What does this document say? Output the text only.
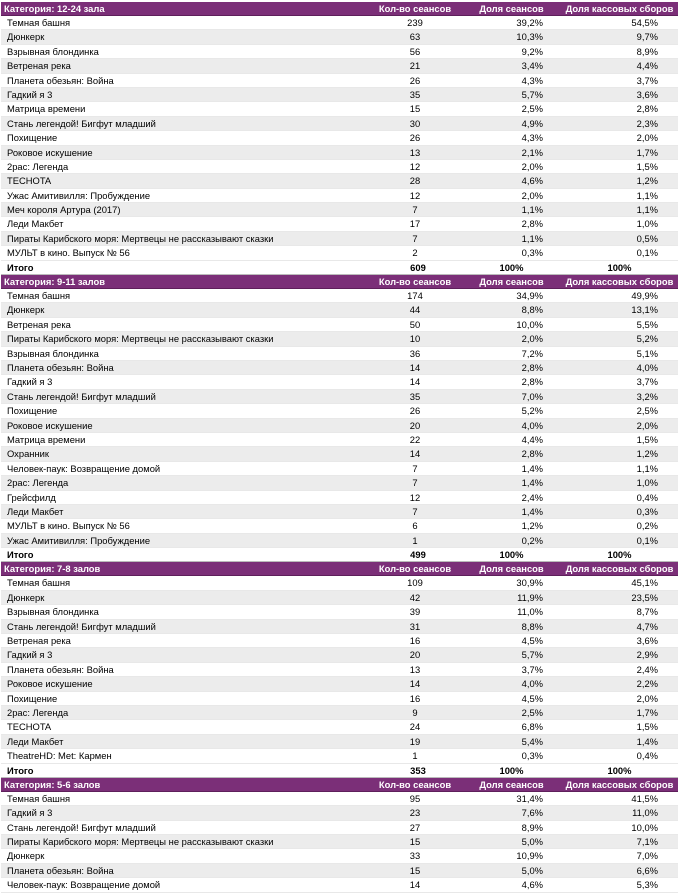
Категория: 12-24 зала	Кол-во сеансов	Доля сеансов	Доля кассовых сборов
Темная башня	239	39,2%	54,5%
Дюнкерк	63	10,3%	9,7%
Взрывная блондинка	56	9,2%	8,9%
Ветреная река	21	3,4%	4,4%
Планета обезьян: Война	26	4,3%	3,7%
Гадкий я 3	35	5,7%	3,6%
Матрица времени	15	2,5%	2,8%
Стань легендой! Бигфут младший	30	4,9%	2,3%
Похищение	26	4,3%	2,0%
Роковое искушение	13	2,1%	1,7%
2рас: Легенда	12	2,0%	1,5%
TECHOTA	28	4,6%	1,2%
Ужас Амитивилля: Пробуждение	12	2,0%	1,1%
Меч короля Артура (2017)	7	1,1%	1,1%
Леди Макбет	17	2,8%	1,0%
Пираты Карибского моря: Мертвецы не рассказывают сказки	7	1,1%	0,5%
МУЛЬТ в кино. Выпуск № 56	2	0,3%	0,1%
Итого	609	100%	100%
Категория: 9-11 залов	Кол-во сеансов	Доля сеансов	Доля кассовых сборов
Темная башня	174	34,9%	49,9%
Дюнкерк	44	8,8%	13,1%
Ветреная река	50	10,0%	5,5%
Пираты Карибского моря: Мертвецы не рассказывают сказки	10	2,0%	5,2%
Взрывная блондинка	36	7,2%	5,1%
Планета обезьян: Война	14	2,8%	4,0%
Гадкий я 3	14	2,8%	3,7%
Стань легендой! Бигфут младший	35	7,0%	3,2%
Похищение	26	5,2%	2,5%
Роковое искушение	20	4,0%	2,0%
Матрица времени	22	4,4%	1,5%
Охранник	14	2,8%	1,2%
Человек-паук: Возвращение домой	7	1,4%	1,1%
2рас: Легенда	7	1,4%	1,0%
Грейсфилд	12	2,4%	0,4%
Леди Макбет	7	1,4%	0,3%
МУЛЬТ в кино. Выпуск № 56	6	1,2%	0,2%
Ужас Амитивилля: Пробуждение	1	0,2%	0,1%
Итого	499	100%	100%
Категория: 7-8 залов	Кол-во сеансов	Доля сеансов	Доля кассовых сборов
Темная башня	109	30,9%	45,1%
Дюнкерк	42	11,9%	23,5%
Взрывная блондинка	39	11,0%	8,7%
Стань легендой! Бигфут младший	31	8,8%	4,7%
Ветреная река	16	4,5%	3,6%
Гадкий я 3	20	5,7%	2,9%
Планета обезьян: Война	13	3,7%	2,4%
Роковое искушение	14	4,0%	2,2%
Похищение	16	4,5%	2,0%
2рас: Легенда	9	2,5%	1,7%
TECHOTA	24	6,8%	1,5%
Леди Макбет	19	5,4%	1,4%
TheatreHD: Met: Кармен	1	0,3%	0,4%
Итого	353	100%	100%
Категория: 5-6 залов	Кол-во сеансов	Доля сеансов	Доля кассовых сборов
Темная башня	95	31,4%	41,5%
Гадкий я 3	23	7,6%	11,0%
Стань легендой! Бигфут младший	27	8,9%	10,0%
Пираты Карибского моря: Мертвецы не рассказывают сказки	15	5,0%	7,1%
Дюнкерк	33	10,9%	7,0%
Планета обезьян: Война	15	5,0%	6,6%
Человек-паук: Возвращение домой	14	4,6%	5,3%
